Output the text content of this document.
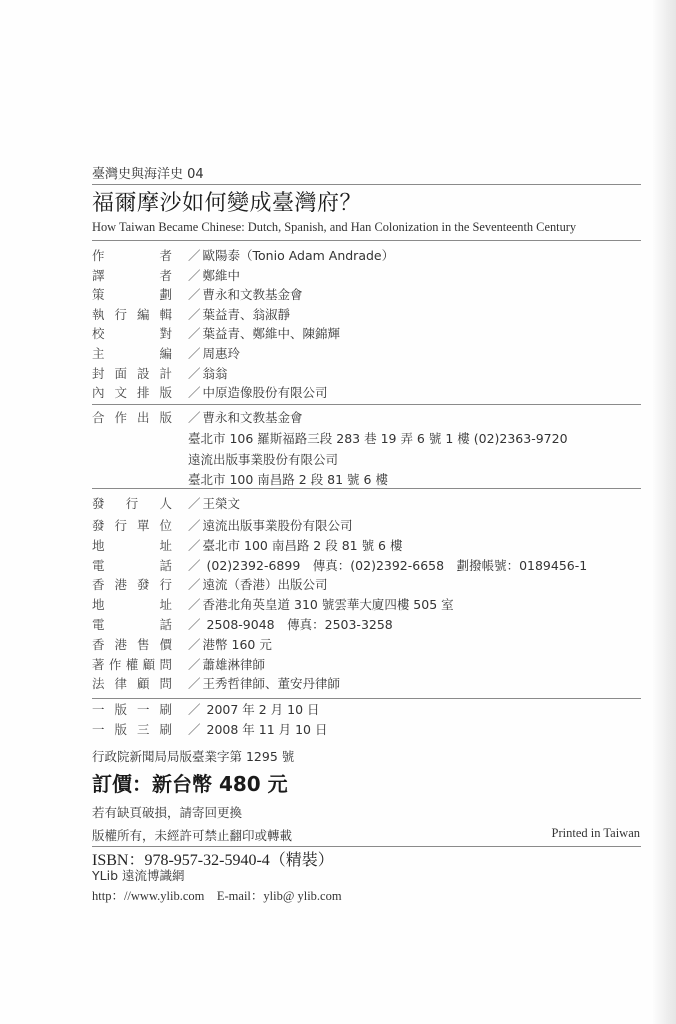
臺灣史與海洋史 04
福爾摩沙如何變成臺灣府？
How Taiwan Became Chinese: Dutch, Spanish, and Han Colonization in the Seventeenth Century
作	者 ／ 歐陽泰（Tonio Adam Andrade）
譯	者 ／ 鄭維中
策	劃 ／ 曹永和文教基金會
執 行 編 輯 ／ 葉益青、翁淑靜
校	對 ／ 葉益青、鄭維中、陳錦輝
主	編 ／ 周惠玲
封 面 設 計 ／ 翁翁
內 文 排 版 ／ 中原造像股份有限公司
合 作 出 版 ／ 曹永和文教基金會
臺北市 106 羅斯福路三段 283 巷 19 弄 6 號 1 樓 (02)2363-9720
遠流出版事業股份有限公司
臺北市 100 南昌路 2 段 81 號 6 樓
發 行 人 ／ 王榮文
發 行 單 位 ／ 遠流出版事業股份有限公司
地	址 ／ 臺北市 100 南昌路 2 段 81 號 6 樓
電	話 ／ (02)2392-6899　傳真：(02)2392-6658　劃撥帳號：0189456-1
香 港 發 行 ／ 遠流（香港）出版公司
地	址 ／ 香港北角英皇道 310 號雲華大廈四樓 505 室
電	話 ／ 2508-9048　傳真：2503-3258
香 港 售 價 ／ 港幣 160 元
著 作 權 顧 問 ／ 蕭雄淋律師
法 律 顧 問 ／ 王秀哲律師、董安丹律師
一 版 一 刷 ／ 2007 年 2 月 10 日
一 版 三 刷 ／ 2008 年 11 月 10 日
行政院新聞局局版臺業字第 1295 號
訂價：新台幣 480 元
若有缺頁破損，請寄回更換
版權所有，未經許可禁止翻印或轉載	Printed in Taiwan
ISBN：978-957-32-5940-4（精裝）
YLib 遠流博識網
http：//www.ylib.com　E-mail：ylib@ ylib.com
